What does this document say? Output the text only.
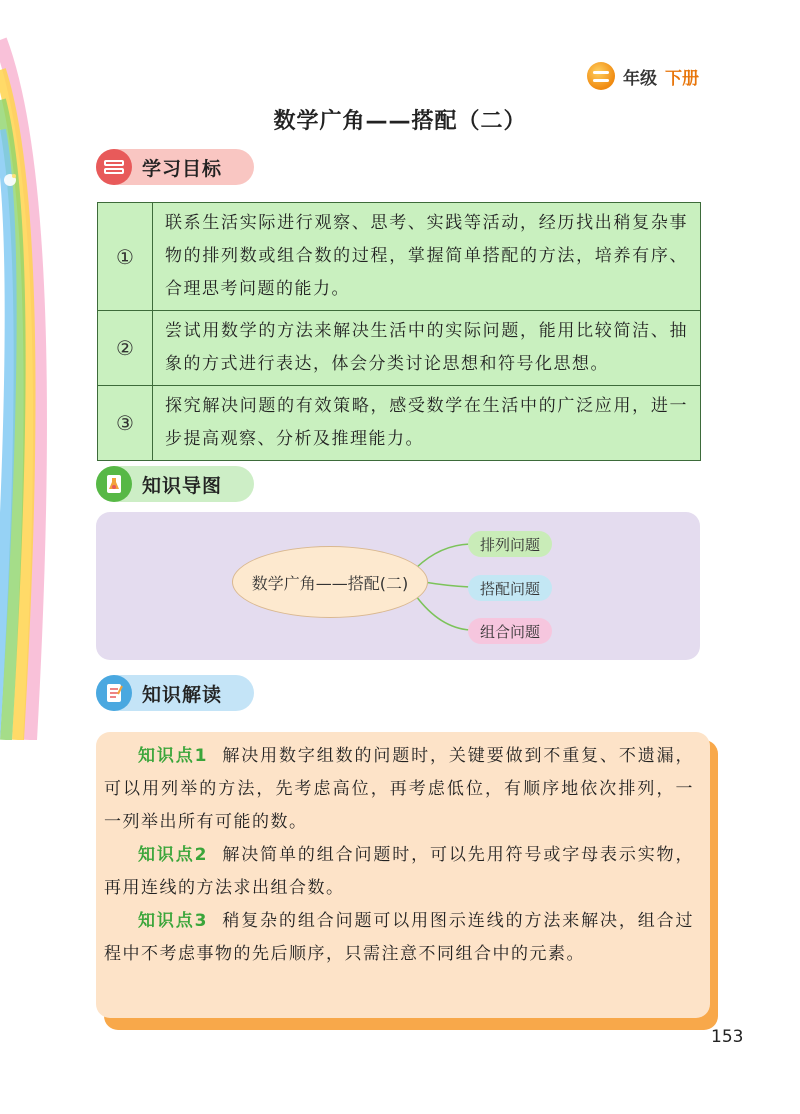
年级 下册
数学广角——搭配（二）
学习目标
①	联系生活实际进行观察、思考、实践等活动，经历找出稍复杂事物的排列数或组合数的过程，掌握简单搭配的方法，培养有序、合理思考问题的能力。
②	尝试用数学的方法来解决生活中的实际问题，能用比较简洁、抽象的方式进行表达，体会分类讨论思想和符号化思想。
③	探究解决问题的有效策略，感受数学在生活中的广泛应用，进一步提高观察、分析及推理能力。
知识导图
数学广角——搭配(二)
排列问题
搭配问题
组合问题
知识解读

知识点1 解决用数字组数的问题时，关键要做到不重复、不遗漏，可以用列举的方法，先考虑高位，再考虑低位，有顺序地依次排列，一一列举出所有可能的数。

知识点2 解决简单的组合问题时，可以先用符号或字母表示实物，再用连线的方法求出组合数。

知识点3 稍复杂的组合问题可以用图示连线的方法来解决，组合过程中不考虑事物的先后顺序，只需注意不同组合中的元素。

153
